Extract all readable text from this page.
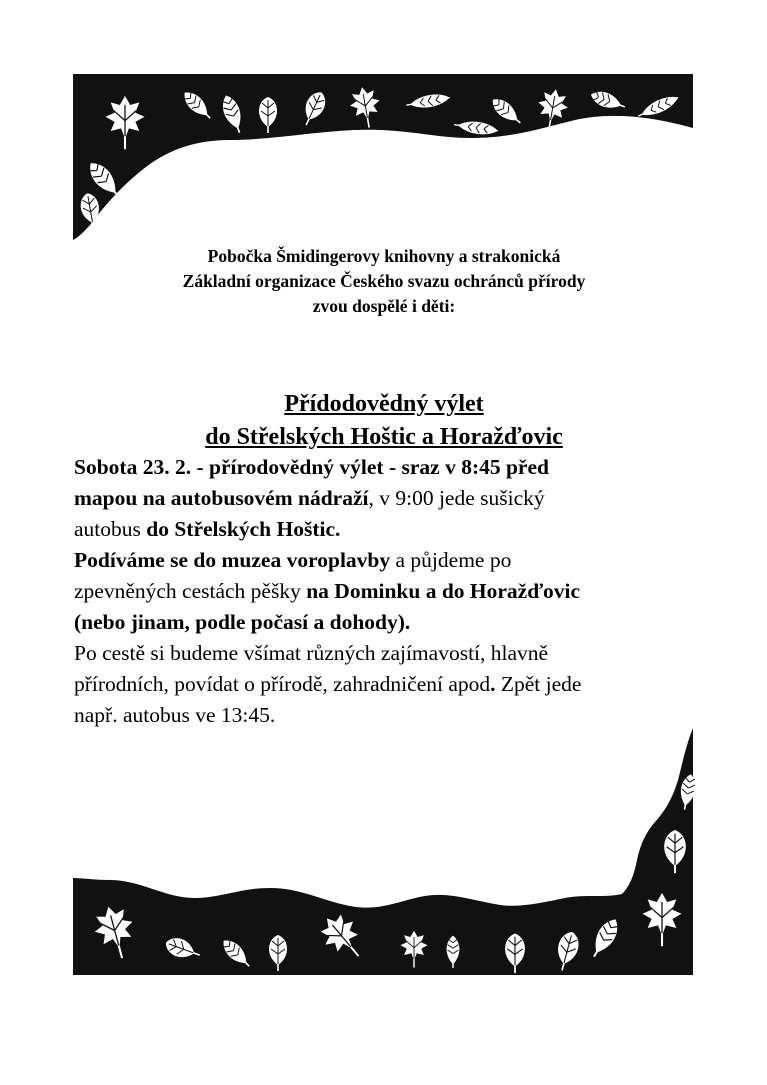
Pobočka Šmidingerovy knihovny a strakonická
Základní organizace Českého svazu ochránců přírody
zvou dospělé i děti:
Přídodovědný výlet
do Střelských Hoštic a Horažďovic
Sobota 23. 2. - přírodovědný výlet - sraz v 8:45 před
mapou na autobusovém nádraží, v 9:00 jede sušický
autobus do Střelských Hoštic.
Podíváme se do muzea voroplavby a půjdeme po
zpevněných cestách pěšky na Dominku a do Horažďovic
(nebo jinam, podle počasí a dohody).
Po cestě si budeme všímat různých zajímavostí, hlavně
přírodních, povídat o přírodě, zahradničení apod. Zpět jede
např. autobus ve 13:45.
